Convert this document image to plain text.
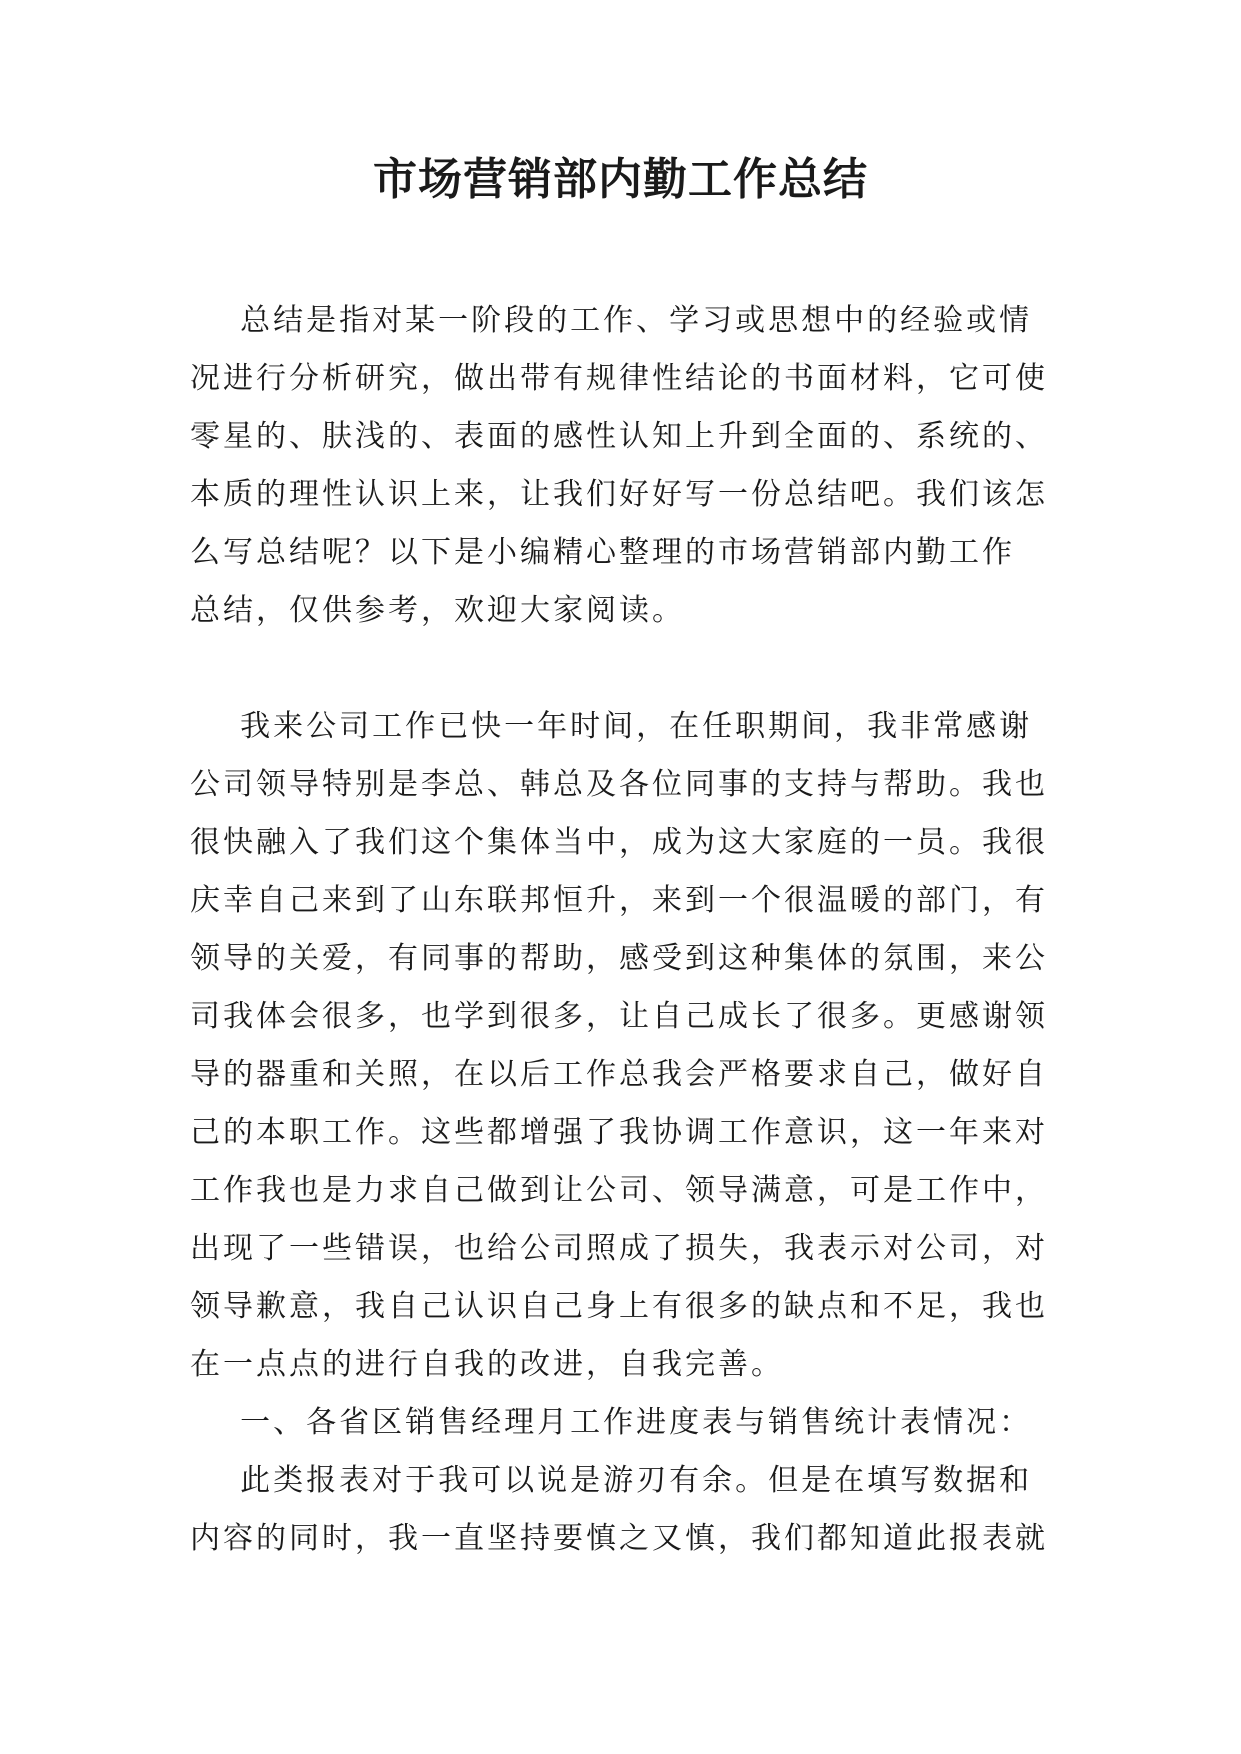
市场营销部内勤工作总结
总结是指对某一阶段的工作、学习或思想中的经验或情
况进行分析研究，做出带有规律性结论的书面材料，它可使
零星的、肤浅的、表面的感性认知上升到全面的、系统的、
本质的理性认识上来，让我们好好写一份总结吧。我们该怎
么写总结呢？以下是小编精心整理的市场营销部内勤工作
总结，仅供参考，欢迎大家阅读。
我来公司工作已快一年时间，在任职期间，我非常感谢
公司领导特别是李总、韩总及各位同事的支持与帮助。我也
很快融入了我们这个集体当中，成为这大家庭的一员。我很
庆幸自己来到了山东联邦恒升，来到一个很温暖的部门，有
领导的关爱，有同事的帮助，感受到这种集体的氛围，来公
司我体会很多，也学到很多，让自己成长了很多。更感谢领
导的器重和关照，在以后工作总我会严格要求自己，做好自
己的本职工作。这些都增强了我协调工作意识，这一年来对
工作我也是力求自己做到让公司、领导满意，可是工作中，
出现了一些错误，也给公司照成了损失，我表示对公司，对
领导歉意，我自己认识自己身上有很多的缺点和不足，我也
在一点点的进行自我的改进，自我完善。
一、各省区销售经理月工作进度表与销售统计表情况：
此类报表对于我可以说是游刃有余。但是在填写数据和
内容的同时，我一直坚持要慎之又慎，我们都知道此报表就
